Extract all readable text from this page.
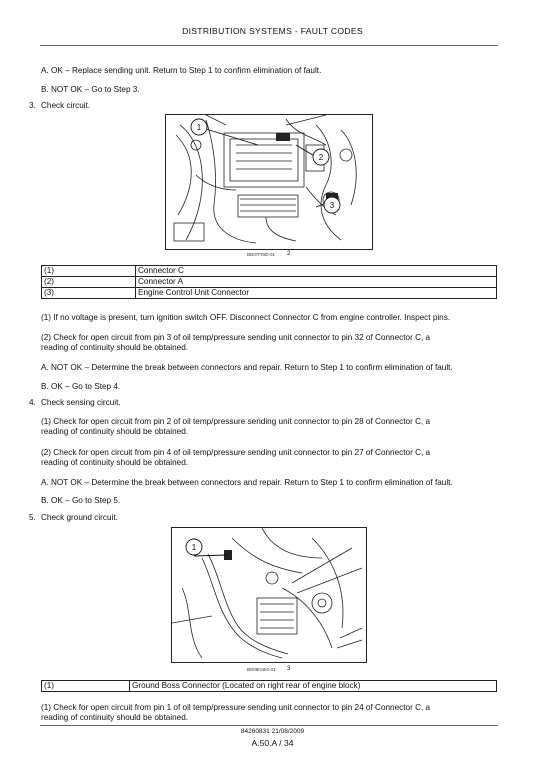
DISTRIBUTION SYSTEMS - FAULT CODES
A. OK – Replace sending unit. Return to Step 1 to confirm elimination of fault.
B. NOT OK – Go to Step 3.
3. Check circuit.
1
2
3
BD07F050-01 2
(1)	Connector C
(2)	Connector A
(3)	Engine Control Unit Connector
(1) If no voltage is present, turn ignition switch OFF. Disconnect Connector C from engine controller. Inspect pins.
(2) Check for open circuit from pin 3 of oil temp/pressure sending unit connector to pin 32 of Connector C, a
reading of continuity should be obtained.
A. NOT OK – Determine the break between connectors and repair. Return to Step 1 to confirm elimination of fault.
B. OK – Go to Step 4.
4. Check sensing circuit.
(1) Check for open circuit from pin 2 of oil temp/pressure sending unit connector to pin 28 of Connector C, a
reading of continuity should be obtained.
(2) Check for open circuit from pin 4 of oil temp/pressure sending unit connector to pin 27 of Connector C, a
reading of continuity should be obtained.
A. NOT OK – Determine the break between connectors and repair. Return to Step 1 to confirm elimination of fault.
B. OK – Go to Step 5.
5. Check ground circuit.
1
BD08H454-01 3
(1)	Ground Boss Connector (Located on right rear of engine block)
(1) Check for open circuit from pin 1 of oil temp/pressure sending unit connector to pin 24 of Connector C, a
reading of continuity should be obtained.
84260831 21/08/2009
A.50.A / 34
